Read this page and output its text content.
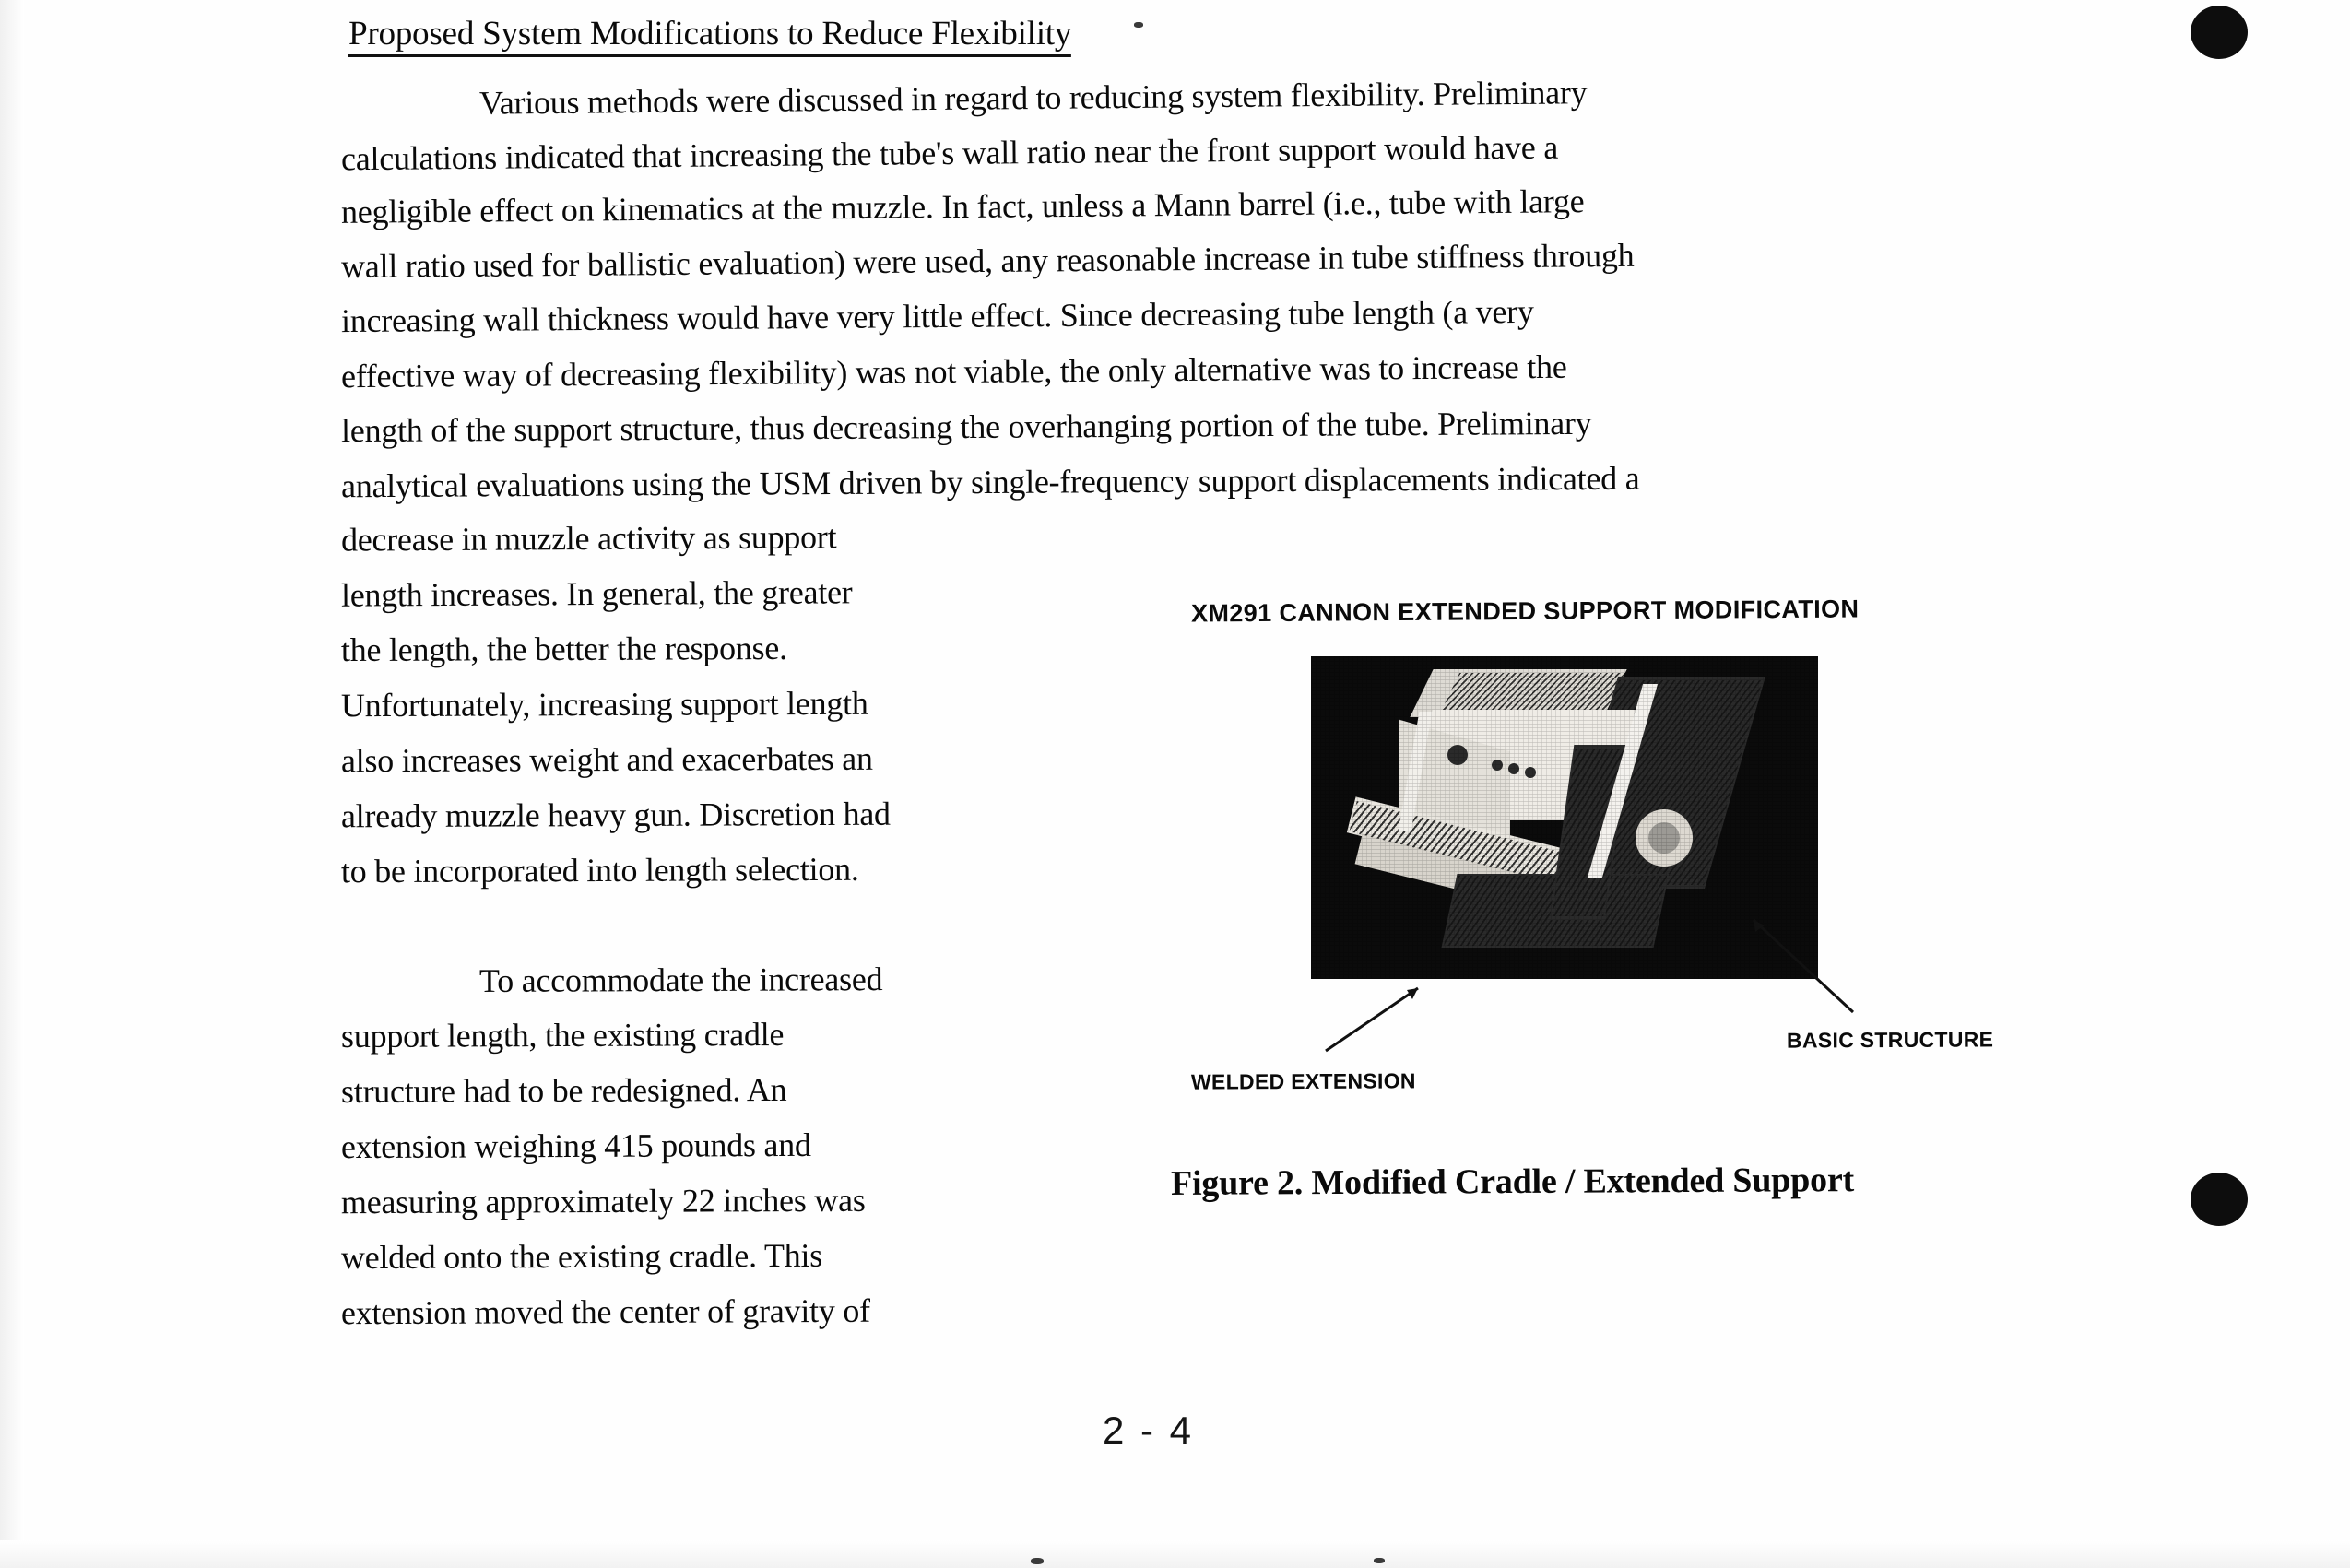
Proposed System Modifications to Reduce Flexibility
Various methods were discussed in regard to reducing system flexibility. Preliminary
calculations indicated that increasing the tube's wall ratio near the front support would have a
negligible effect on kinematics at the muzzle. In fact, unless a Mann barrel (i.e., tube with large
wall ratio used for ballistic evaluation) were used, any reasonable increase in tube stiffness through
increasing wall thickness would have very little effect. Since decreasing tube length (a very
effective way of decreasing flexibility) was not viable, the only alternative was to increase the
length of the support structure, thus decreasing the overhanging portion of the tube. Preliminary
analytical evaluations using the USM driven by single-frequency support displacements indicated a
decrease in muzzle activity as support
length increases. In general, the greater
the length, the better the response.
Unfortunately, increasing support length
also increases weight and exacerbates an
already muzzle heavy gun. Discretion had
to be incorporated into length selection.
To accommodate the increased
support length, the existing cradle
structure had to be redesigned. An
extension weighing 415 pounds and
measuring approximately 22 inches was
welded onto the existing cradle. This
extension moved the center of gravity of
XM291 CANNON EXTENDED SUPPORT MODIFICATION
WELDED EXTENSION
BASIC STRUCTURE
Figure 2. Modified Cradle / Extended Support
2 - 4
